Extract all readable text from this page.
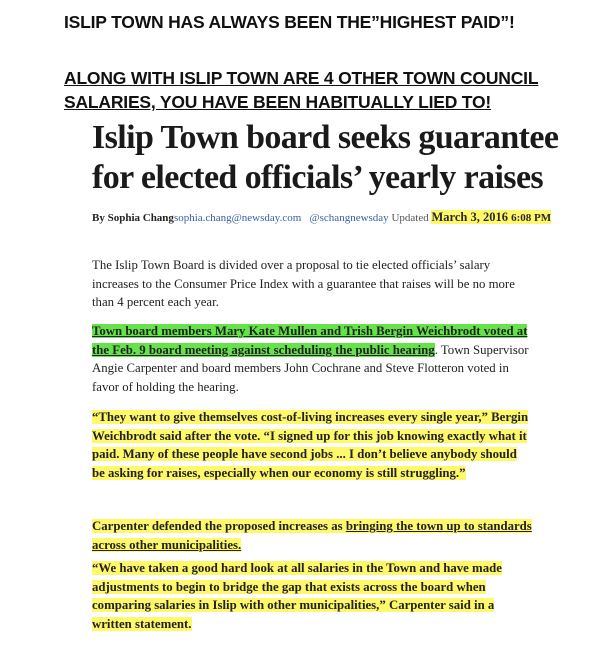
ISLIP TOWN HAS ALWAYS BEEN THE”HIGHEST PAID”!
ALONG WITH ISLIP TOWN ARE 4 OTHER TOWN COUNCIL SALARIES, YOU HAVE BEEN HABITUALLY LIED TO!
Islip Town board seeks guarantee for elected officials’ yearly raises
By Sophia Changsophia.chang@newsday.com @schangnewsday Updated March 3, 2016 6:08 PM
The Islip Town Board is divided over a proposal to tie elected officials’ salary increases to the Consumer Price Index with a guarantee that raises will be no more than 4 percent each year.
Town board members Mary Kate Mullen and Trish Bergin Weichbrodt voted at the Feb. 9 board meeting against scheduling the public hearing. Town Supervisor Angie Carpenter and board members John Cochrane and Steve Flotteron voted in favor of holding the hearing.
“They want to give themselves cost-of-living increases every single year,” Bergin Weichbrodt said after the vote. “I signed up for this job knowing exactly what it paid. Many of these people have second jobs ... I don’t believe anybody should be asking for raises, especially when our economy is still struggling.”
Carpenter defended the proposed increases as bringing the town up to standards across other municipalities.
“We have taken a good hard look at all salaries in the Town and have made adjustments to begin to bridge the gap that exists across the board when comparing salaries in Islip with other municipalities,” Carpenter said in a written statement.
